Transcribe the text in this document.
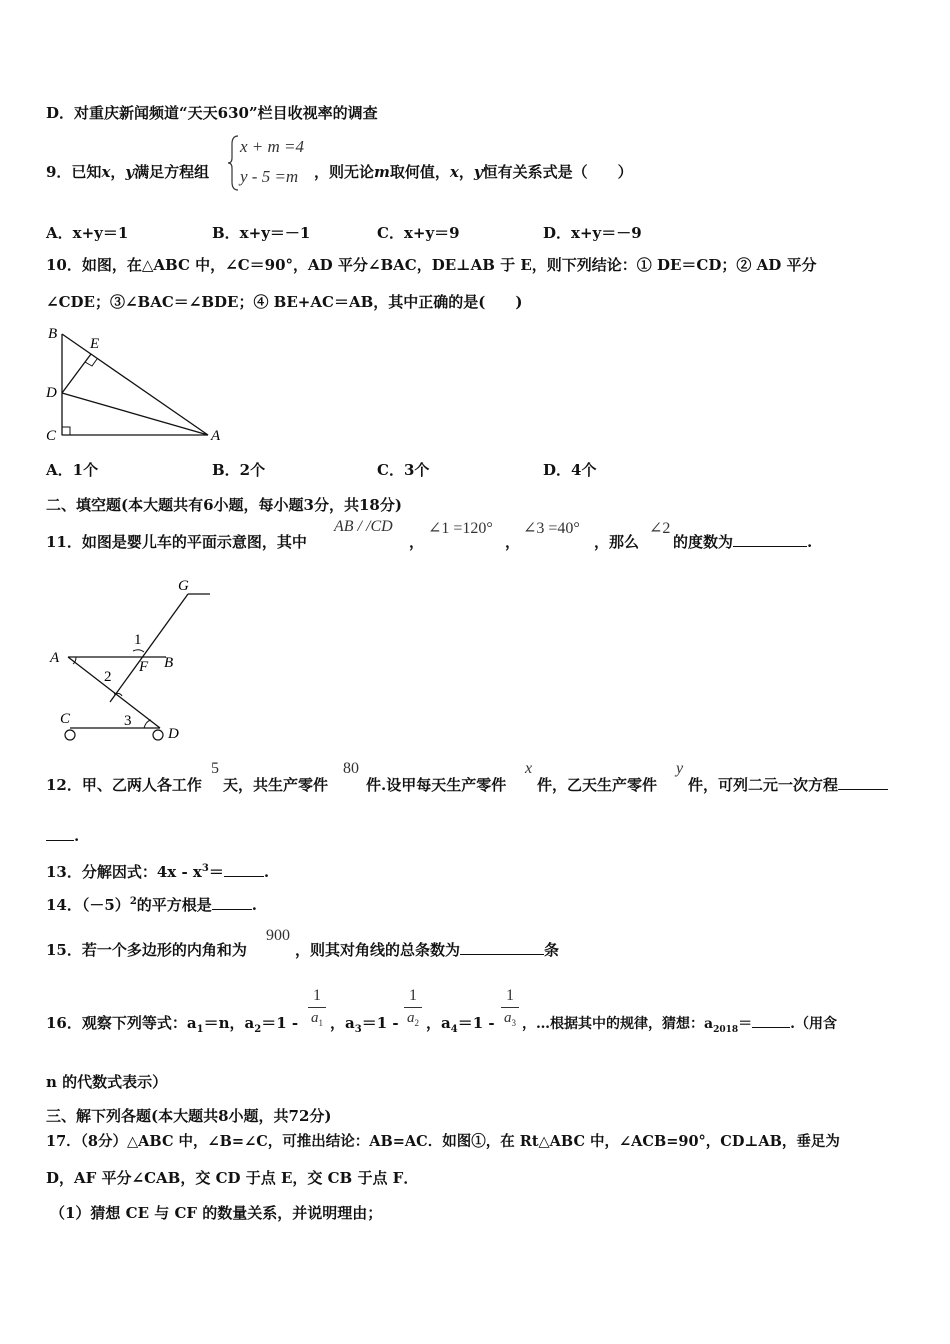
D．对重庆新闻频道“天天630”栏目收视率的调查
9．已知x，y满足方程组
x + m =4
y - 5 =m ，则无论m取何值，x，y恒有关系式是（　　）
A．x+y＝1	B．x+y＝－1	C．x+y＝9	D．x+y＝－9
10．如图，在△ABC 中，∠C＝90°，AD 平分∠BAC，DE⊥AB 于 E，则下列结论：① DE＝CD；② AD 平分
∠CDE；③∠BAC＝∠BDE；④ BE+AC＝AB，其中正确的是(　　)
B
E
D
C	A
A．1个	B．2个	C．3个	D．4个
二、填空题(本大题共有6小题，每小题3分，共18分)
11．如图是婴儿车的平面示意图，其中
AB / /CD
，
∠1 =120°
，
∠3 =40°
，那么
∠2
的度数为	.
G
1
A
F B
2
C	3
D
12．甲、乙两人各工作
5
天，共生产零件
80
件.设甲每天生产零件
x
件，乙天生产零件
y
件，可列二元一次方程
.
13．分解因式：$4x - x^3=$	.
14．$(-5)^2$的平方根是	.
15．若一个多边形的内角和为
900
，则其对角线的总条数为	条
16．观察下列等式：$a_1=n$，$a_2=1$ -
1
$a_1$ ，$a_3=1$ -
1
$a_2$ ，$a_4=1$ -
1
$a_3$ ，…根据其中的规律，猜想：$a_{2018}=$	.（用含
n 的代数式表示）
三、解下列各题(本大题共8小题，共72分)
17．（8分）△ABC 中，∠B=∠C，可推出结论：AB=AC．如图①，在 Rt△ABC 中，∠ACB=90°，CD⊥AB，垂足为
D，AF 平分∠CAB，交 CD 于点 E，交 CB 于点 F．
（1）猜想 CE 与 CF 的数量关系，并说明理由；
